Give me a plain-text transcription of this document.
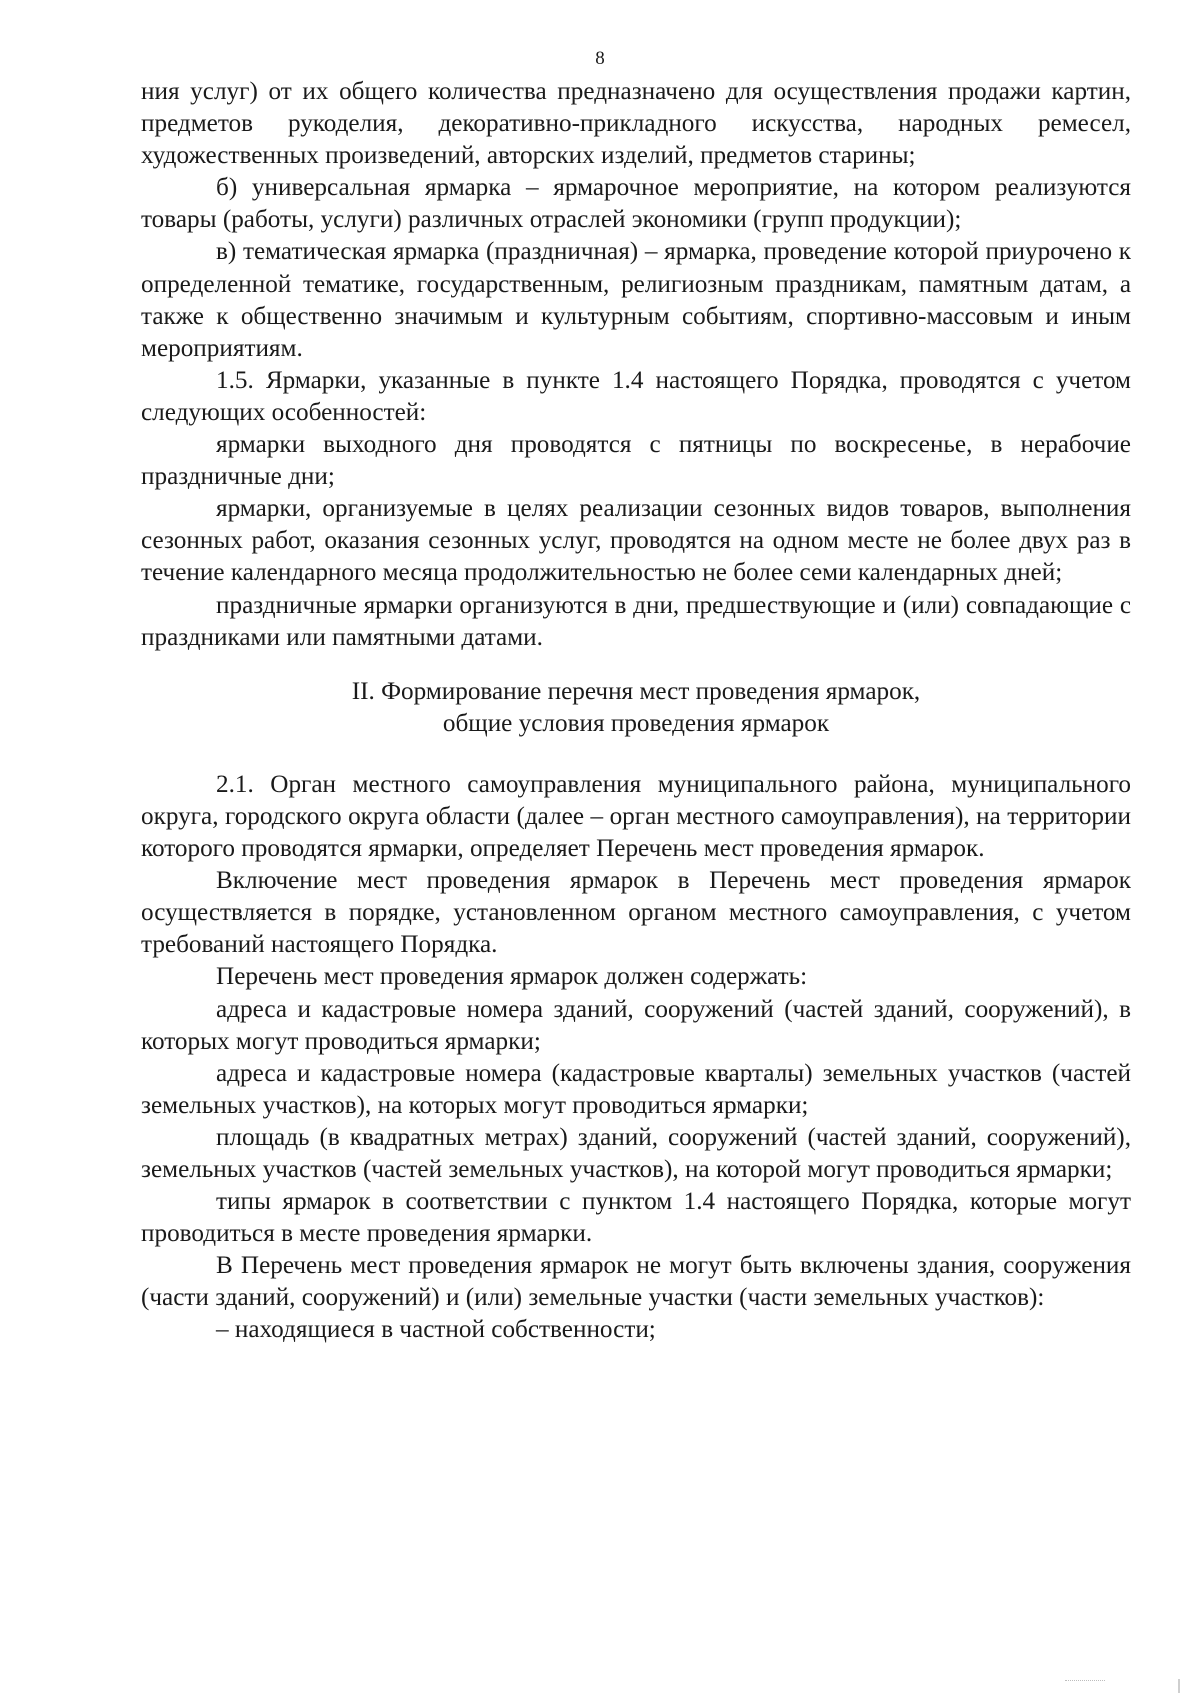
8

ния услуг) от их общего количества предназначено для осуществления продажи картин, предметов рукоделия, декоративно-прикладного искусства, народных ремесел, художественных произведений, авторских изделий, предметов старины;

б) универсальная ярмарка – ярмарочное мероприятие, на котором реализуются товары (работы, услуги) различных отраслей экономики (групп продукции);

в) тематическая ярмарка (праздничная) – ярмарка, проведение которой приурочено к определенной тематике, государственным, религиозным праздникам, памятным датам, а также к общественно значимым и культурным событиям, спортивно-массовым и иным мероприятиям.

1.5. Ярмарки, указанные в пункте 1.4 настоящего Порядка, проводятся с учетом следующих особенностей:

ярмарки выходного дня проводятся с пятницы по воскресенье, в нерабочие праздничные дни;

ярмарки, организуемые в целях реализации сезонных видов товаров, выполнения сезонных работ, оказания сезонных услуг, проводятся на одном месте не более двух раз в течение календарного месяца продолжительностью не более семи календарных дней;

праздничные ярмарки организуются в дни, предшествующие и (или) совпадающие с праздниками или памятными датами.

II. Формирование перечня мест проведения ярмарок,
общие условия проведения ярмарок

2.1. Орган местного самоуправления муниципального района, муниципального округа, городского округа области (далее – орган местного самоуправления), на территории которого проводятся ярмарки, определяет Перечень мест проведения ярмарок.

Включение мест проведения ярмарок в Перечень мест проведения ярмарок осуществляется в порядке, установленном органом местного самоуправления, с учетом требований настоящего Порядка.

Перечень мест проведения ярмарок должен содержать:

адреса и кадастровые номера зданий, сооружений (частей зданий, сооружений), в которых могут проводиться ярмарки;

адреса и кадастровые номера (кадастровые кварталы) земельных участков (частей земельных участков), на которых могут проводиться ярмарки;

площадь (в квадратных метрах) зданий, сооружений (частей зданий, сооружений), земельных участков (частей земельных участков), на которой могут проводиться ярмарки;

типы ярмарок в соответствии с пунктом 1.4 настоящего Порядка, которые могут проводиться в месте проведения ярмарки.

В Перечень мест проведения ярмарок не могут быть включены здания, сооружения (части зданий, сооружений) и (или) земельные участки (части земельных участков):

– находящиеся в частной собственности;
